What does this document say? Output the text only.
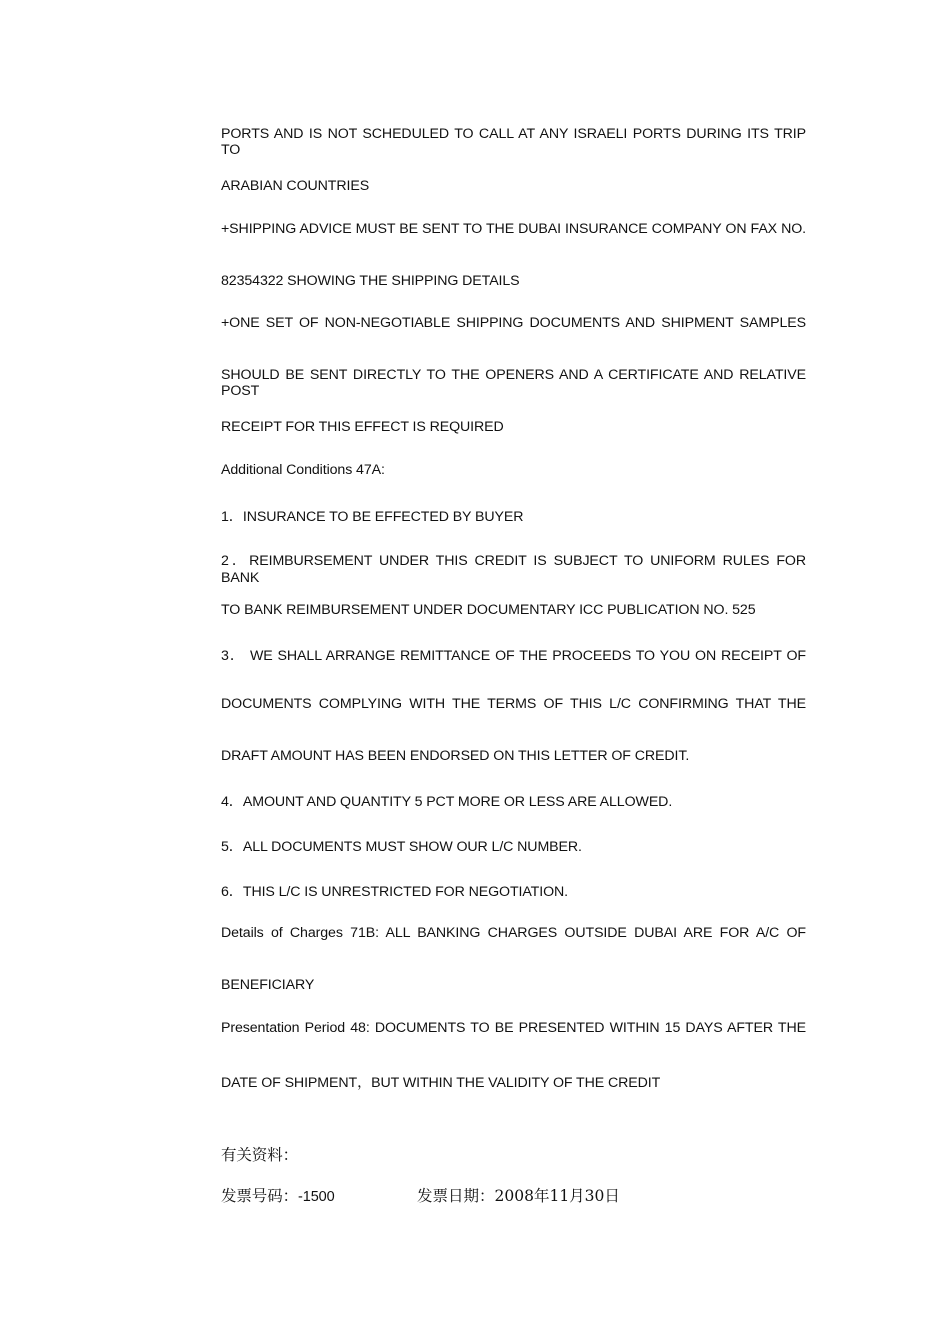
PORTS AND IS NOT SCHEDULED TO CALL AT ANY ISRAELI PORTS DURING ITS TRIP TO
ARABIAN COUNTRIES
+SHIPPING ADVICE MUST BE SENT TO THE DUBAI INSURANCE COMPANY ON FAX NO.
82354322 SHOWING THE SHIPPING DETAILS
+ONE SET OF NON-NEGOTIABLE SHIPPING DOCUMENTS AND SHIPMENT SAMPLES
SHOULD BE SENT DIRECTLY TO THE OPENERS AND A CERTIFICATE AND RELATIVE POST
RECEIPT FOR THIS EFFECT IS REQUIRED
Additional Conditions 47A:
1．INSURANCE TO BE EFFECTED BY BUYER
2．REIMBURSEMENT UNDER THIS CREDIT IS SUBJECT TO UNIFORM RULES FOR BANK
TO BANK REIMBURSEMENT UNDER DOCUMENTARY ICC PUBLICATION NO. 525
3． WE SHALL ARRANGE REMITTANCE OF THE PROCEEDS TO YOU ON RECEIPT OF
DOCUMENTS COMPLYING WITH THE TERMS OF THIS L/C CONFIRMING THAT THE
DRAFT AMOUNT HAS BEEN ENDORSED ON THIS LETTER OF CREDIT.
4．AMOUNT AND QUANTITY 5 PCT MORE OR LESS ARE ALLOWED.
5．ALL DOCUMENTS MUST SHOW OUR L/C NUMBER.
6．THIS L/C IS UNRESTRICTED FOR NEGOTIATION.
Details of Charges 71B: ALL BANKING CHARGES OUTSIDE DUBAI ARE FOR A/C OF
BENEFICIARY
Presentation Period 48: DOCUMENTS TO BE PRESENTED WITHIN 15 DAYS AFTER THE
DATE OF SHIPMENT，BUT WITHIN THE VALIDITY OF THE CREDIT
有关资料：
发票号码：-1500	发票日期：2008年11月30日
